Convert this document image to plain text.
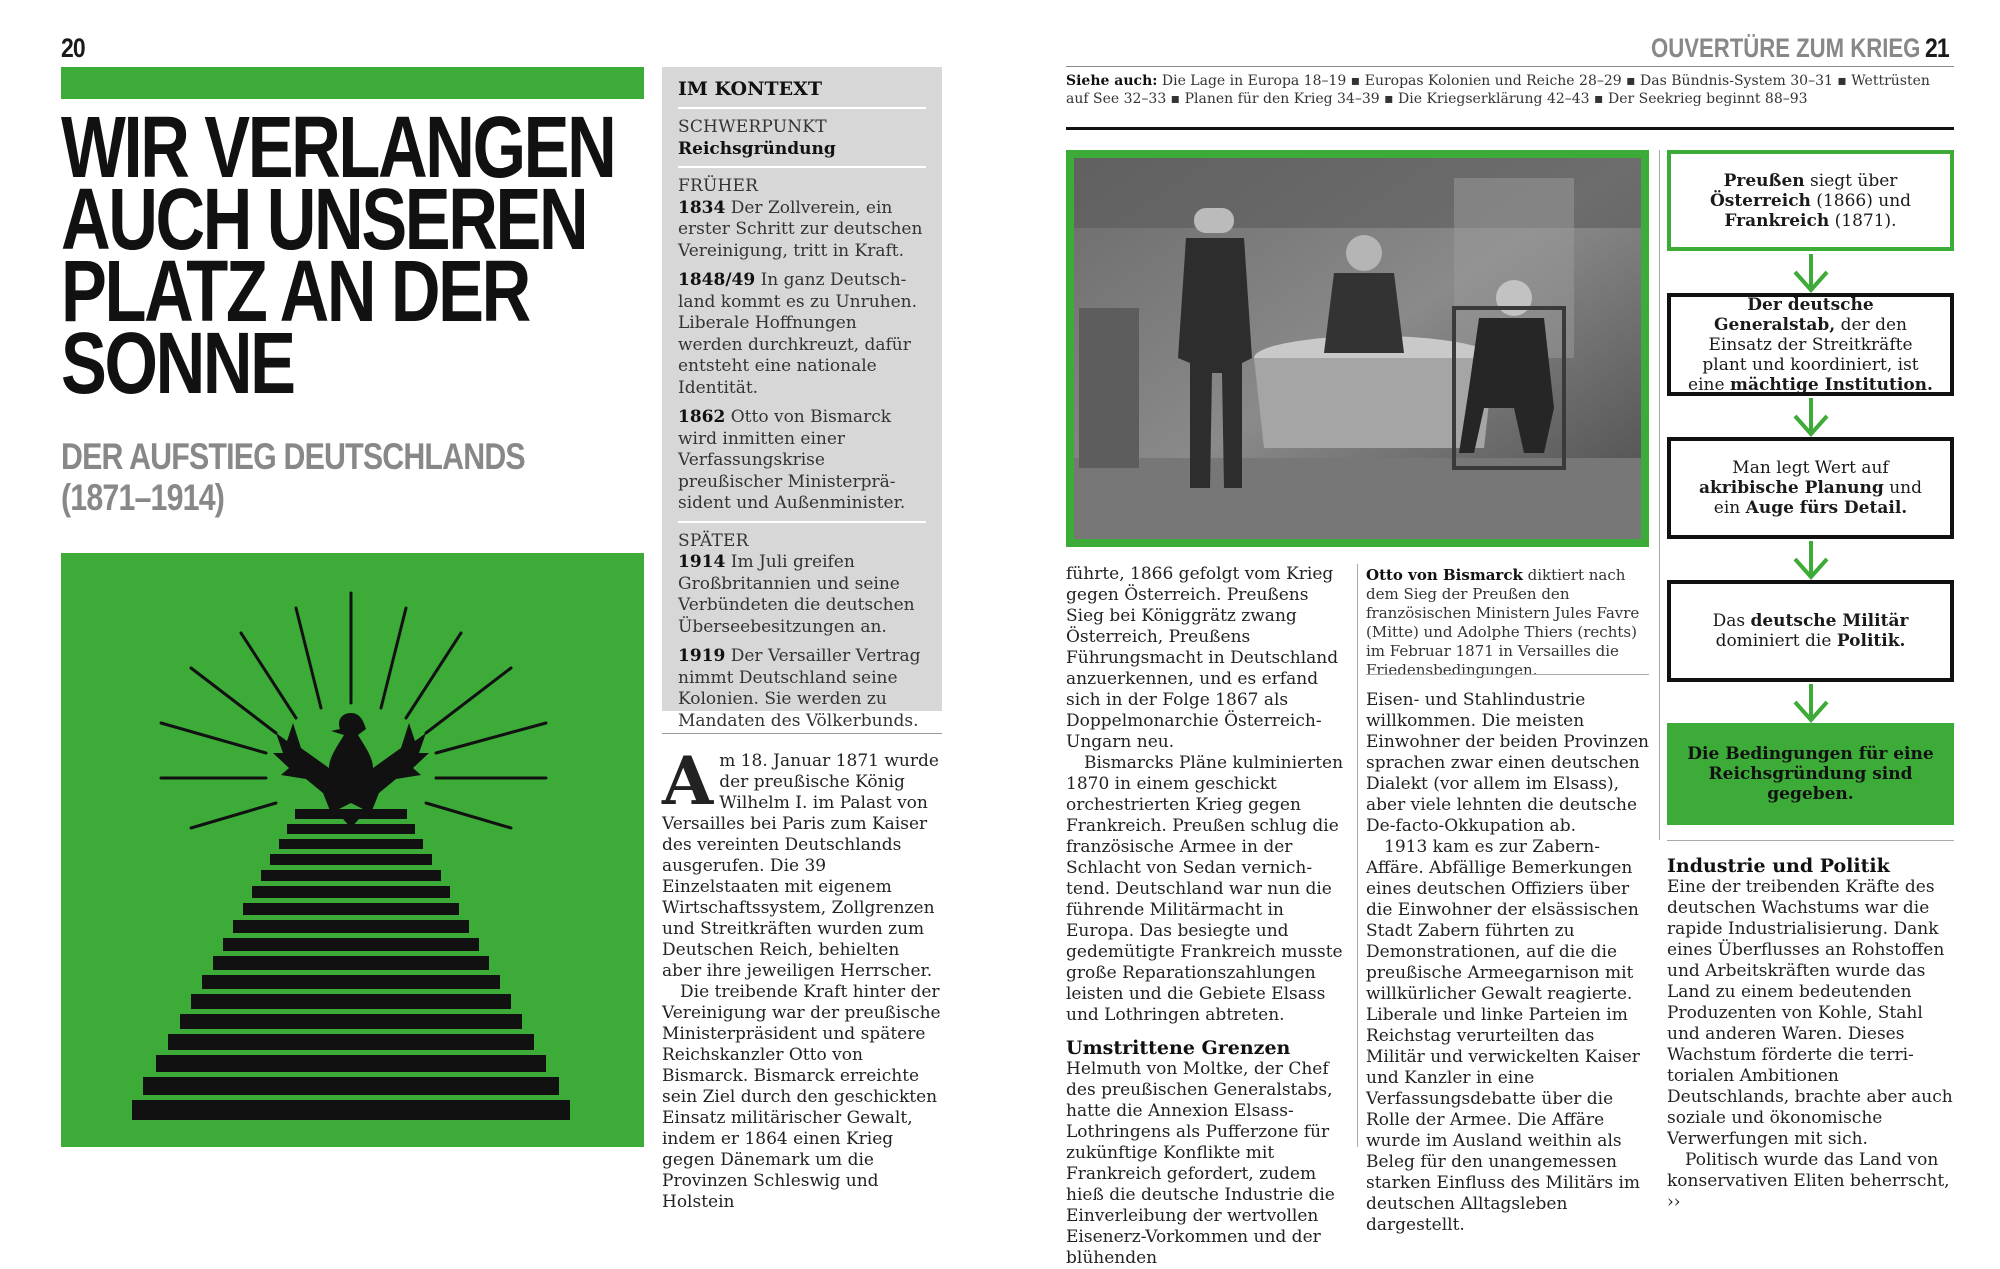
20
WIR VERLANGEN
AUCH UNSEREN
PLATZ AN DER
SONNE
DER AUFSTIEG DEUTSCHLANDS
(1871–1914)
IM KONTEXT
SCHWERPUNKT
Reichsgründung
FRÜHER

1834 Der Zollverein, ein erster Schritt zur deutschen Vereinigung, tritt in Kraft.

1848/49 In ganz Deutschland kommt es zu Unruhen. Liberale Hoffnungen werden durchkreuzt, dafür entsteht eine nationale Identität.

1862 Otto von Bismarck wird inmitten einer Verfassungskrise preußischer Ministerpräsident und Außenminister.

SPÄTER

1914 Im Juli greifen Großbritannien und seine Verbündeten die deutschen Überseebesitzungen an.

1919 Der Versailler Vertrag nimmt Deutschland seine Kolonien. Sie werden zu Mandaten des Völkerbunds.

A m 18. Januar 1871 wurde der preußische König Wilhelm I. im Palast von Versailles bei Paris zum Kaiser des vereinten Deutschlands ausgerufen. Die 39 Einzelstaaten mit eigenem Wirtschaftssystem, Zollgrenzen und Streitkräften wurden zum Deutschen Reich, behielten aber ihre jeweiligen Herrscher.

Die treibende Kraft hinter der Vereinigung war der preußische Ministerpräsident und spätere Reichskanzler Otto von Bismarck. Bismarck erreichte sein Ziel durch den geschickten Einsatz militärischer Gewalt, indem er 1864 einen Krieg gegen Dänemark um die Provinzen Schleswig und Holstein

OUVERTÜRE ZUM KRIEG 21
Siehe auch: Die Lage in Europa 18–19 ▪ Europas Kolonien und Reiche 28–29 ▪ Das Bündnis-System 30–31 ▪ Wettrüsten auf See 32–33 ▪ Planen für den Krieg 34–39 ▪ Die Kriegserklärung 42–43 ▪ Der Seekrieg beginnt 88–93

führte, 1866 gefolgt vom Krieg gegen Österreich. Preußens Sieg bei Königgrätz zwang Österreich, Preußens Führungsmacht in Deutschland anzuerkennen, und es erfand sich in der Folge 1867 als Doppelmonarchie Österreich-Ungarn neu.

Bismarcks Pläne kulminierten 1870 in einem geschickt orchestrierten Krieg gegen Frankreich. Preußen schlug die französische Armee in der Schlacht von Sedan vernichtend. Deutschland war nun die führende Militärmacht in Europa. Das besiegte und gedemütigte Frankreich musste große Reparationszahlungen leisten und die Gebiete Elsass und Lothringen abtreten.

Umstrittene Grenzen

Helmuth von Moltke, der Chef des preußischen Generalstabs, hatte die Annexion Elsass-Lothringens als Pufferzone für zukünftige Konflikte mit Frankreich gefordert, zudem hieß die deutsche Industrie die Einverleibung der wertvollen Eisenerz-Vorkommen und der blühenden

Otto von Bismarck diktiert nach dem Sieg der Preußen den französischen Ministern Jules Favre (Mitte) und Adolphe Thiers (rechts) im Februar 1871 in Versailles die Friedensbedingungen.

Eisen- und Stahlindustrie willkommen. Die meisten Einwohner der beiden Provinzen sprachen zwar einen deutschen Dialekt (vor allem im Elsass), aber viele lehnten die deutsche De-facto-Okkupation ab.

1913 kam es zur Zabern-Affäre. Abfällige Bemerkungen eines deutschen Offiziers über die Einwohner der elsässischen Stadt Zabern führten zu Demonstrationen, auf die die preußische Armeegarnison mit willkürlicher Gewalt reagierte. Liberale und linke Parteien im Reichstag verurteilten das Militär und verwickelten Kaiser und Kanzler in eine Verfassungsdebatte über die Rolle der Armee. Die Affäre wurde im Ausland weithin als Beleg für den unangemessen starken Einfluss des Militärs im deutschen Alltagsleben dargestellt.

Preußen siegt über Österreich (1866) und Frankreich (1871).
Der deutsche Generalstab, der den Einsatz der Streitkräfte plant und koordiniert, ist eine mächtige Institution.
Man legt Wert auf akribische Planung und ein Auge fürs Detail.
Das deutsche Militär dominiert die Politik.
Die Bedingungen für eine Reichsgründung sind gegeben.
Industrie und Politik

Eine der treibenden Kräfte des deutschen Wachstums war die rapide Industrialisierung. Dank eines Überflusses an Rohstoffen und Arbeitskräften wurde das Land zu einem bedeutenden Produzenten von Kohle, Stahl und anderen Waren. Dieses Wachstum förderte die territorialen Ambitionen Deutschlands, brachte aber auch soziale und ökonomische Verwerfungen mit sich.

Politisch wurde das Land von konservativen Eliten beherrscht, ››
